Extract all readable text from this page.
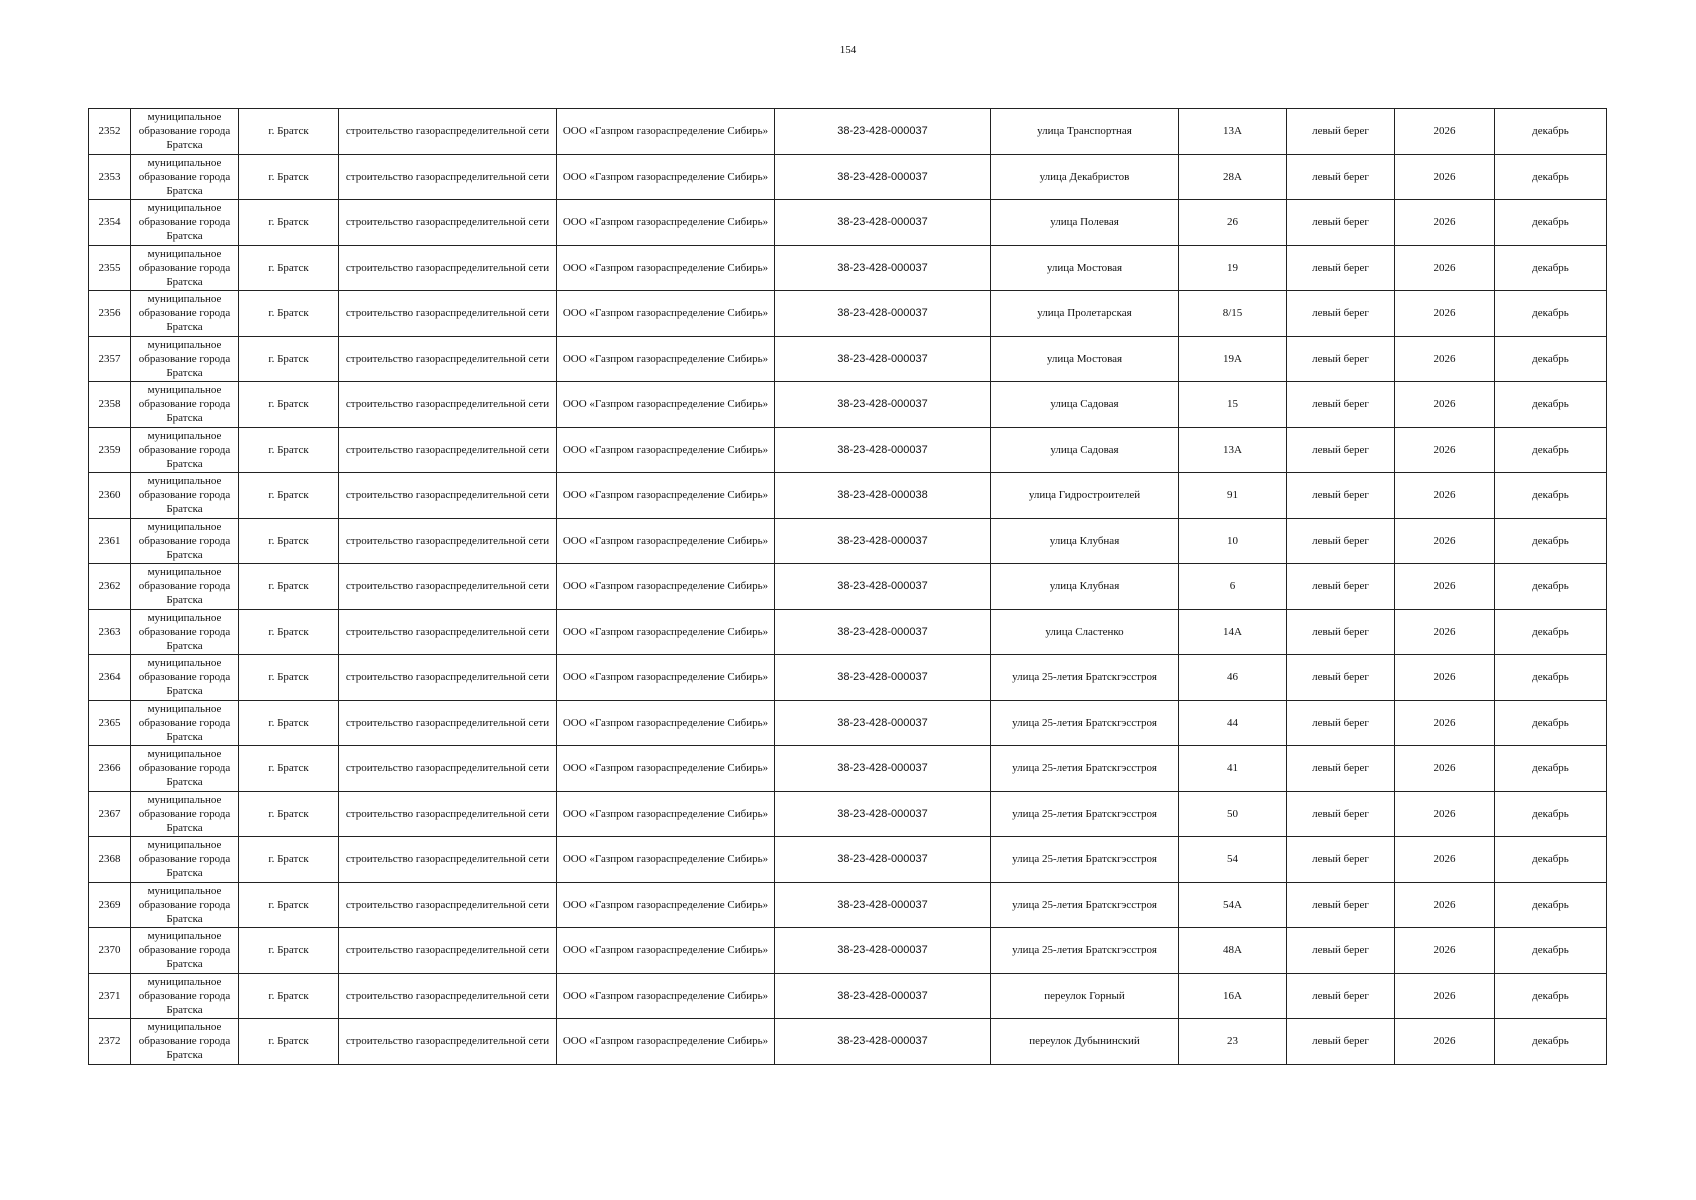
154
2352	муниципальное образование города Братска	г. Братск	строительство газораспределительной сети	ООО «Газпром газораспределение Сибирь»	38-23-428-000037	улица Транспортная	13А	левый берег	2026	декабрь
2353	муниципальное образование города Братска	г. Братск	строительство газораспределительной сети	ООО «Газпром газораспределение Сибирь»	38-23-428-000037	улица Декабристов	28А	левый берег	2026	декабрь
2354	муниципальное образование города Братска	г. Братск	строительство газораспределительной сети	ООО «Газпром газораспределение Сибирь»	38-23-428-000037	улица Полевая	26	левый берег	2026	декабрь
2355	муниципальное образование города Братска	г. Братск	строительство газораспределительной сети	ООО «Газпром газораспределение Сибирь»	38-23-428-000037	улица Мостовая	19	левый берег	2026	декабрь
2356	муниципальное образование города Братска	г. Братск	строительство газораспределительной сети	ООО «Газпром газораспределение Сибирь»	38-23-428-000037	улица Пролетарская	8/15	левый берег	2026	декабрь
2357	муниципальное образование города Братска	г. Братск	строительство газораспределительной сети	ООО «Газпром газораспределение Сибирь»	38-23-428-000037	улица Мостовая	19А	левый берег	2026	декабрь
2358	муниципальное образование города Братска	г. Братск	строительство газораспределительной сети	ООО «Газпром газораспределение Сибирь»	38-23-428-000037	улица Садовая	15	левый берег	2026	декабрь
2359	муниципальное образование города Братска	г. Братск	строительство газораспределительной сети	ООО «Газпром газораспределение Сибирь»	38-23-428-000037	улица Садовая	13А	левый берег	2026	декабрь
2360	муниципальное образование города Братска	г. Братск	строительство газораспределительной сети	ООО «Газпром газораспределение Сибирь»	38-23-428-000038	улица Гидростроителей	91	левый берег	2026	декабрь
2361	муниципальное образование города Братска	г. Братск	строительство газораспределительной сети	ООО «Газпром газораспределение Сибирь»	38-23-428-000037	улица Клубная	10	левый берег	2026	декабрь
2362	муниципальное образование города Братска	г. Братск	строительство газораспределительной сети	ООО «Газпром газораспределение Сибирь»	38-23-428-000037	улица Клубная	6	левый берег	2026	декабрь
2363	муниципальное образование города Братска	г. Братск	строительство газораспределительной сети	ООО «Газпром газораспределение Сибирь»	38-23-428-000037	улица Сластенко	14А	левый берег	2026	декабрь
2364	муниципальное образование города Братска	г. Братск	строительство газораспределительной сети	ООО «Газпром газораспределение Сибирь»	38-23-428-000037	улица 25-летия Братскгэсстроя	46	левый берег	2026	декабрь
2365	муниципальное образование города Братска	г. Братск	строительство газораспределительной сети	ООО «Газпром газораспределение Сибирь»	38-23-428-000037	улица 25-летия Братскгэсстроя	44	левый берег	2026	декабрь
2366	муниципальное образование города Братска	г. Братск	строительство газораспределительной сети	ООО «Газпром газораспределение Сибирь»	38-23-428-000037	улица 25-летия Братскгэсстроя	41	левый берег	2026	декабрь
2367	муниципальное образование города Братска	г. Братск	строительство газораспределительной сети	ООО «Газпром газораспределение Сибирь»	38-23-428-000037	улица 25-летия Братскгэсстроя	50	левый берег	2026	декабрь
2368	муниципальное образование города Братска	г. Братск	строительство газораспределительной сети	ООО «Газпром газораспределение Сибирь»	38-23-428-000037	улица 25-летия Братскгэсстроя	54	левый берег	2026	декабрь
2369	муниципальное образование города Братска	г. Братск	строительство газораспределительной сети	ООО «Газпром газораспределение Сибирь»	38-23-428-000037	улица 25-летия Братскгэсстроя	54А	левый берег	2026	декабрь
2370	муниципальное образование города Братска	г. Братск	строительство газораспределительной сети	ООО «Газпром газораспределение Сибирь»	38-23-428-000037	улица 25-летия Братскгэсстроя	48А	левый берег	2026	декабрь
2371	муниципальное образование города Братска	г. Братск	строительство газораспределительной сети	ООО «Газпром газораспределение Сибирь»	38-23-428-000037	переулок Горный	16А	левый берег	2026	декабрь
2372	муниципальное образование города Братска	г. Братск	строительство газораспределительной сети	ООО «Газпром газораспределение Сибирь»	38-23-428-000037	переулок Дубынинский	23	левый берег	2026	декабрь
